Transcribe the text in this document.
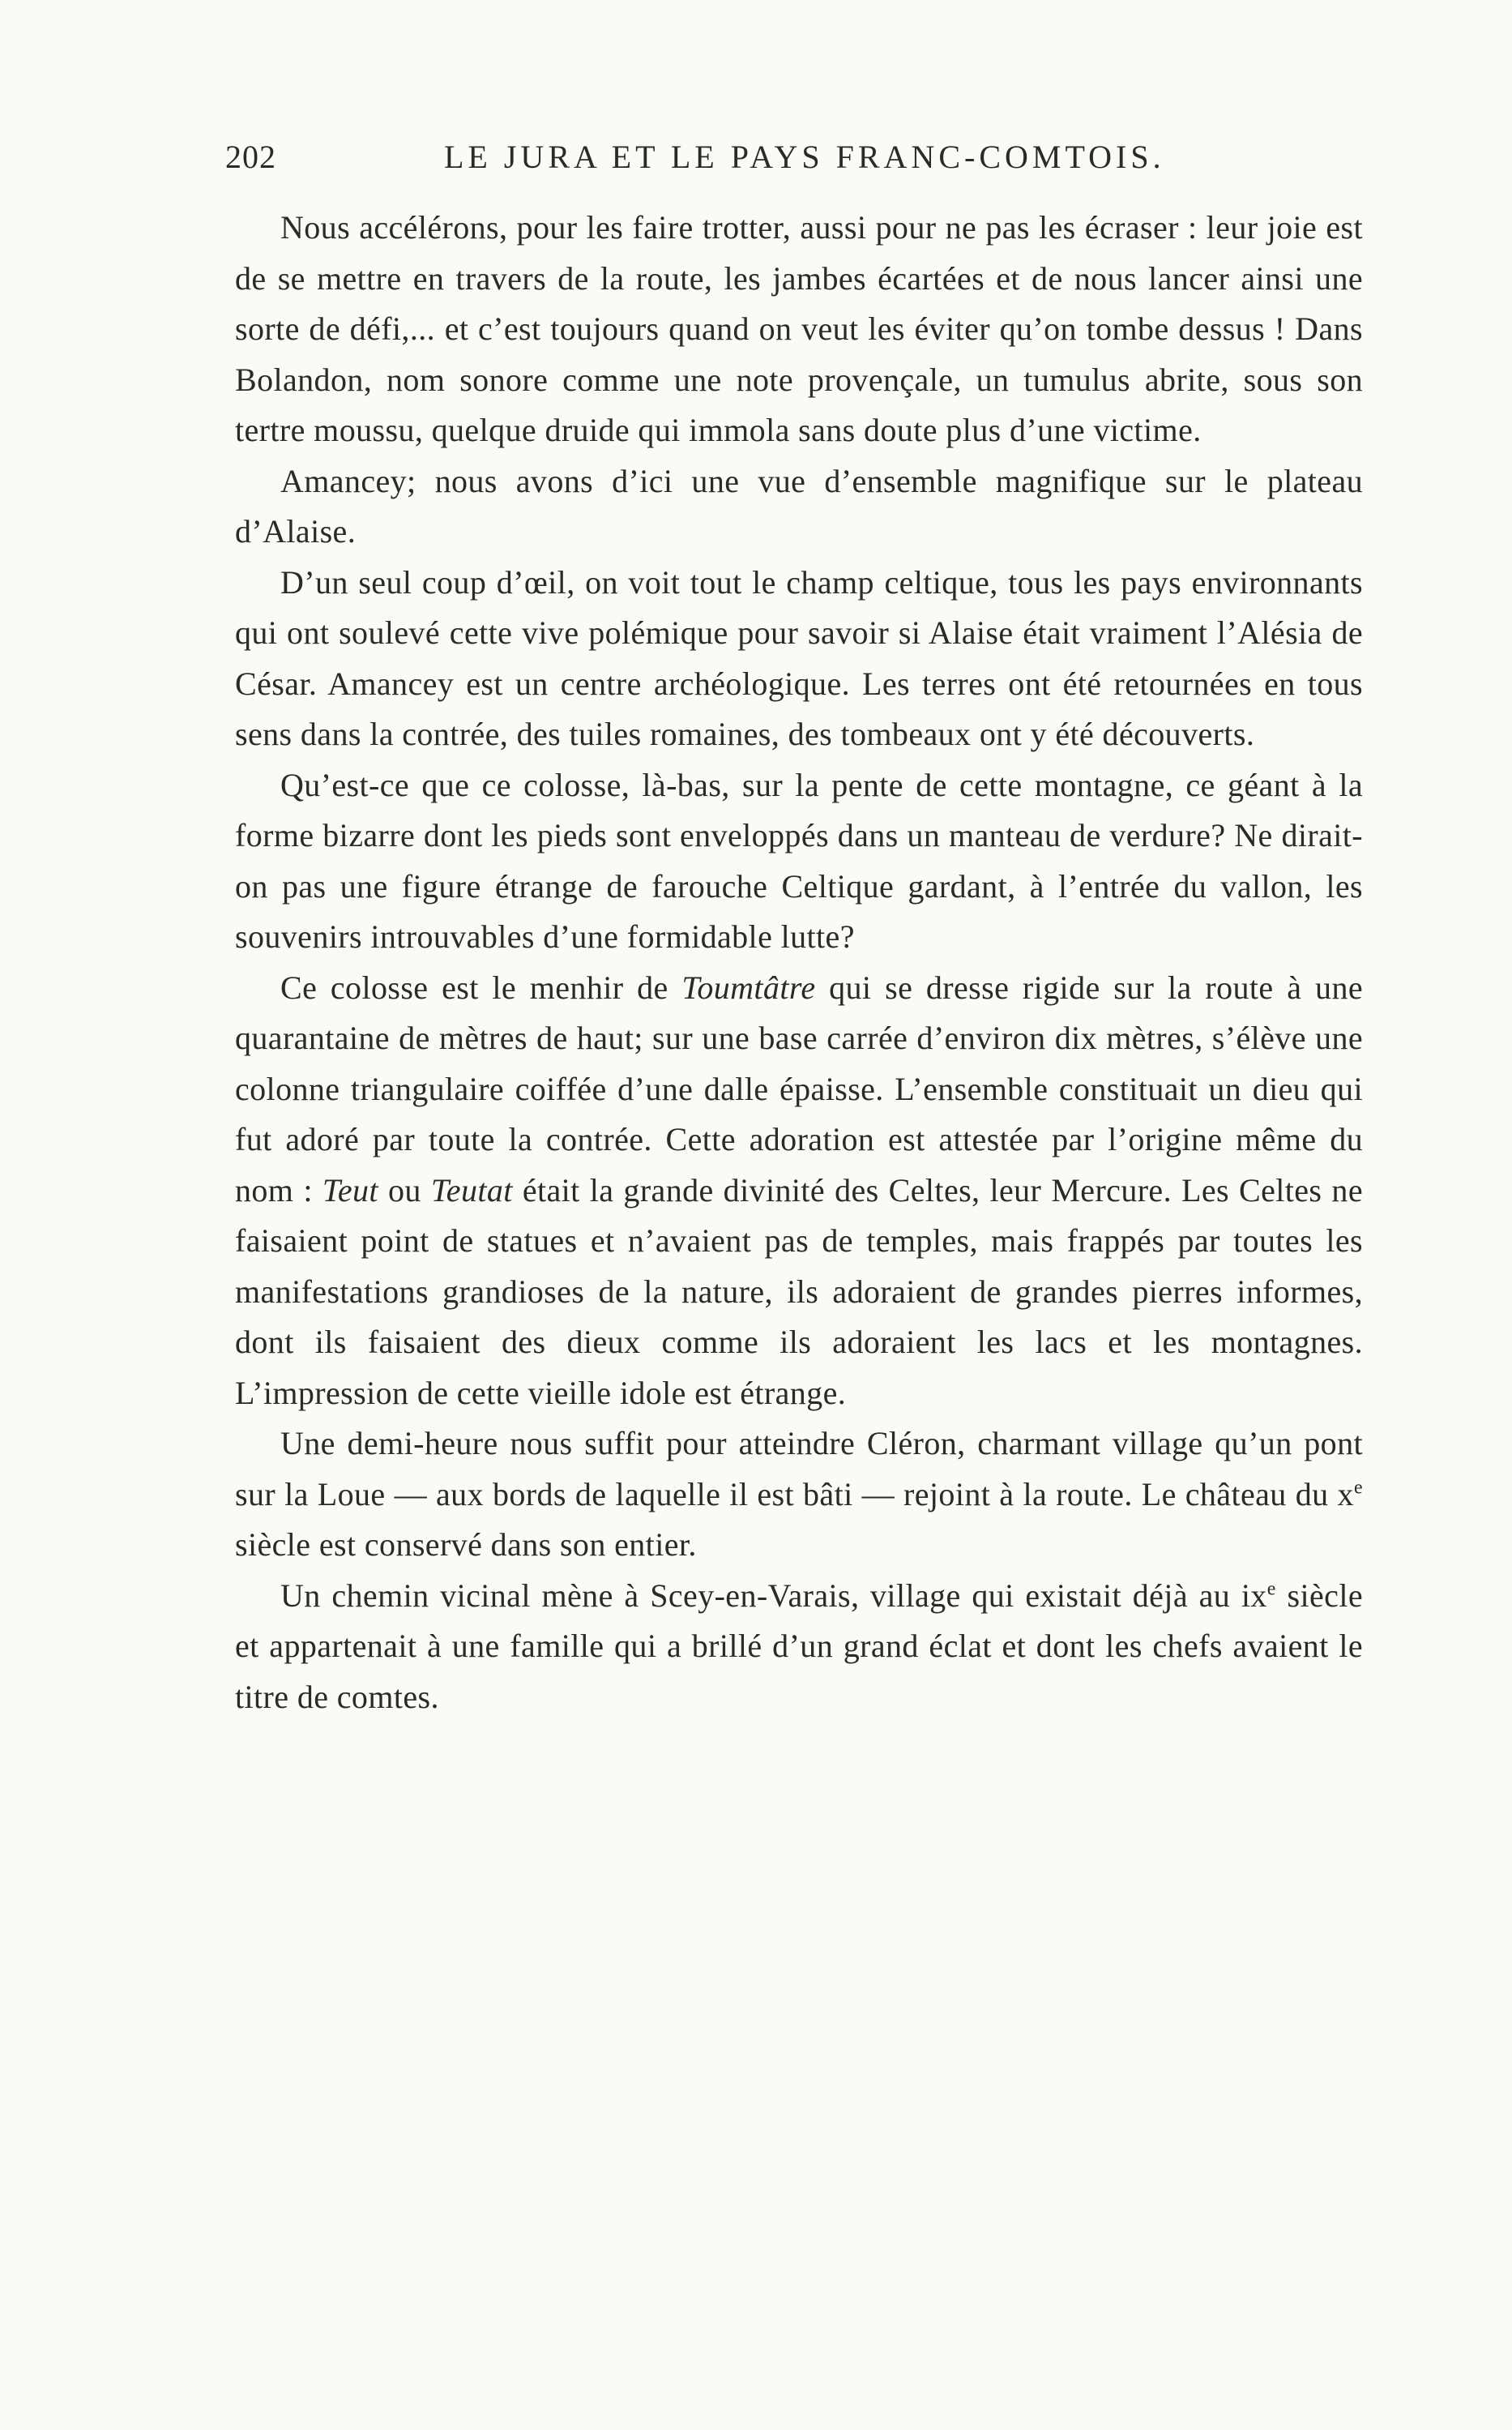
202	LE JURA ET LE PAYS FRANC-COMTOIS.

Nous accélérons, pour les faire trotter, aussi pour ne pas les écraser : leur joie est de se mettre en travers de la route, les jambes écartées et de nous lancer ainsi une sorte de défi,... et c’est toujours quand on veut les éviter qu’on tombe dessus ! Dans Bolandon, nom sonore comme une note provençale, un tumulus abrite, sous son tertre moussu, quelque druide qui immola sans doute plus d’une victime.

Amancey; nous avons d’ici une vue d’ensemble magnifique sur le plateau d’Alaise.

D’un seul coup d’œil, on voit tout le champ celtique, tous les pays environnants qui ont soulevé cette vive polémique pour savoir si Alaise était vraiment l’Alésia de César. Amancey est un centre archéologique. Les terres ont été retournées en tous sens dans la contrée, des tuiles romaines, des tombeaux ont y été découverts.

Qu’est-ce que ce colosse, là-bas, sur la pente de cette montagne, ce géant à la forme bizarre dont les pieds sont enveloppés dans un manteau de verdure? Ne dirait-on pas une figure étrange de farouche Celtique gardant, à l’entrée du vallon, les souvenirs introuvables d’une formidable lutte?

Ce colosse est le menhir de Toumtâtre qui se dresse rigide sur la route à une quarantaine de mètres de haut; sur une base carrée d’environ dix mètres, s’élève une colonne triangulaire coiffée d’une dalle épaisse. L’ensemble constituait un dieu qui fut adoré par toute la contrée. Cette adoration est attestée par l’origine même du nom : Teut ou Teutat était la grande divinité des Celtes, leur Mercure. Les Celtes ne faisaient point de statues et n’avaient pas de temples, mais frappés par toutes les manifestations grandioses de la nature, ils adoraient de grandes pierres informes, dont ils faisaient des dieux comme ils adoraient les lacs et les montagnes. L’impression de cette vieille idole est étrange.

Une demi-heure nous suffit pour atteindre Cléron, charmant village qu’un pont sur la Loue — aux bords de laquelle il est bâti — rejoint à la route. Le château du $x^e$ siècle est conservé dans son entier.

Un chemin vicinal mène à Scey-en-Varais, village qui existait déjà au $ix^e$ siècle et appartenait à une famille qui a brillé d’un grand éclat et dont les chefs avaient le titre de comtes.
